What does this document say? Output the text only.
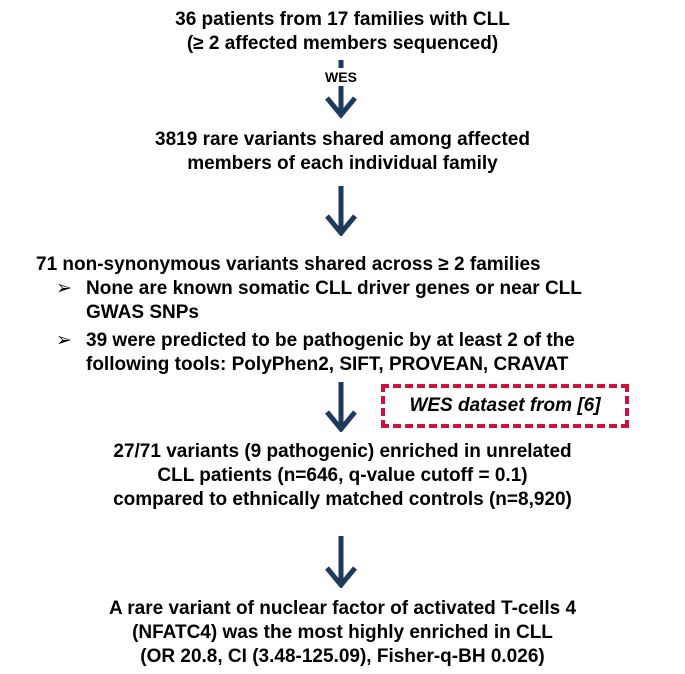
36 patients from 17 families with CLL
(≥ 2 affected members sequenced)
WES
3819 rare variants shared among affected
members of each individual family
71 non-synonymous variants shared across ≥ 2 families
➢ None are known somatic CLL driver genes or near CLL
GWAS SNPs
➢ 39 were predicted to be pathogenic by at least 2 of the
following tools: PolyPhen2, SIFT, PROVEAN, CRAVAT
WES dataset from [6]
27/71 variants (9 pathogenic) enriched in unrelated
CLL patients (n=646, q-value cutoff = 0.1)
compared to ethnically matched controls (n=8,920)
A rare variant of nuclear factor of activated T-cells 4
(NFATC4) was the most highly enriched in CLL
(OR 20.8, CI (3.48-125.09), Fisher-q-BH 0.026)
